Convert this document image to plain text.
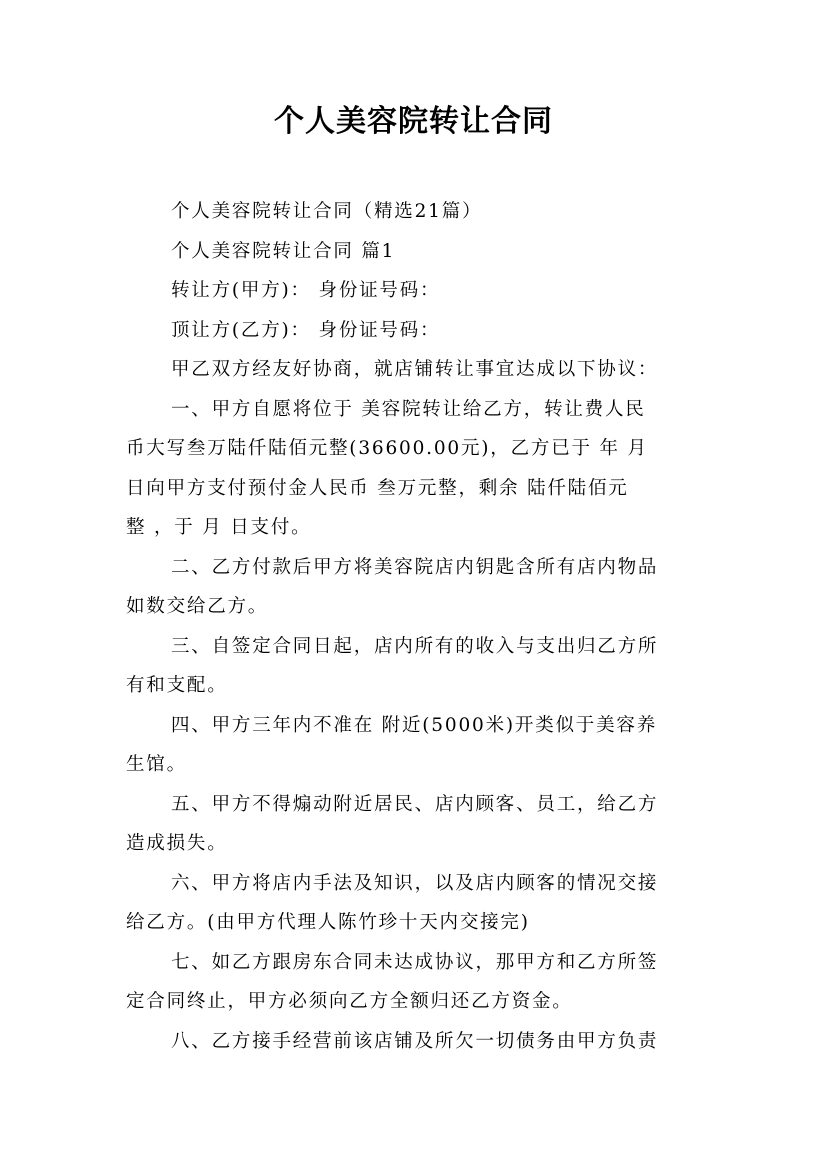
个人美容院转让合同
个人美容院转让合同（精选21篇）
个人美容院转让合同 篇1
转让方(甲方)： 身份证号码：
顶让方(乙方)： 身份证号码：
甲乙双方经友好协商，就店铺转让事宜达成以下协议：
一、甲方自愿将位于 美容院转让给乙方，转让费人民
币大写叁万陆仟陆佰元整(36600.00元)，乙方已于 年 月
日向甲方支付预付金人民币 叁万元整，剩余 陆仟陆佰元
整 ，于 月 日支付。
二、乙方付款后甲方将美容院店内钥匙含所有店内物品
如数交给乙方。
三、自签定合同日起，店内所有的收入与支出归乙方所
有和支配。
四、甲方三年内不准在 附近(5000米)开类似于美容养
生馆。
五、甲方不得煽动附近居民、店内顾客、员工，给乙方
造成损失。
六、甲方将店内手法及知识，以及店内顾客的情况交接
给乙方。(由甲方代理人陈竹珍十天内交接完)
七、如乙方跟房东合同未达成协议，那甲方和乙方所签
定合同终止，甲方必须向乙方全额归还乙方资金。
八、乙方接手经营前该店铺及所欠一切债务由甲方负责
